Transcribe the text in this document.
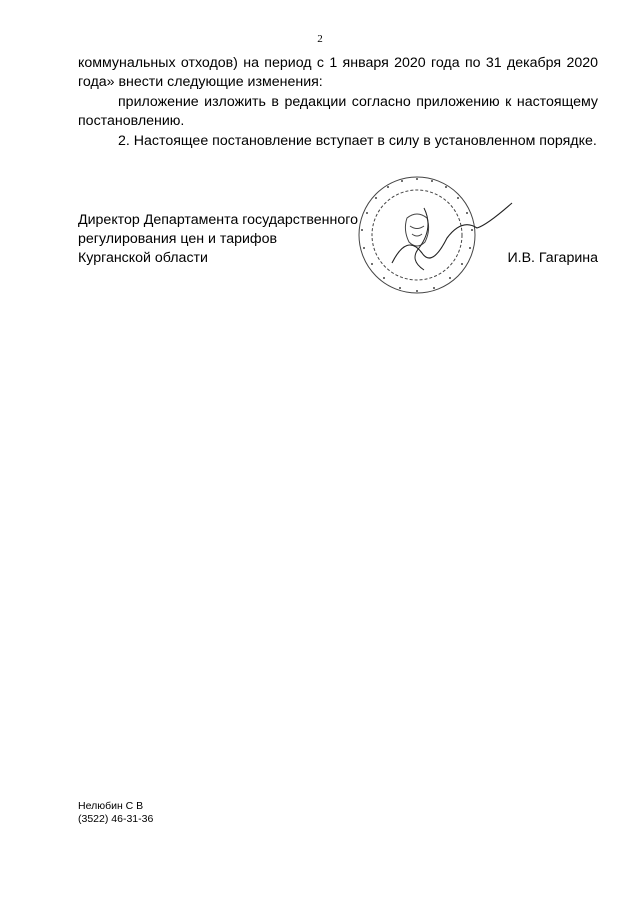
2

коммунальных отходов) на период с 1 января 2020 года по 31 декабря 2020 года» внести следующие изменения:

приложение изложить в редакции согласно приложению к настоящему постановлению.

2. Настоящее постановление вступает в силу в установленном порядке.

Директор Департамента государственного
регулирования цен и тарифов
Курганской области	И.В. Гагарина
Нелюбин С В
(3522) 46-31-36
